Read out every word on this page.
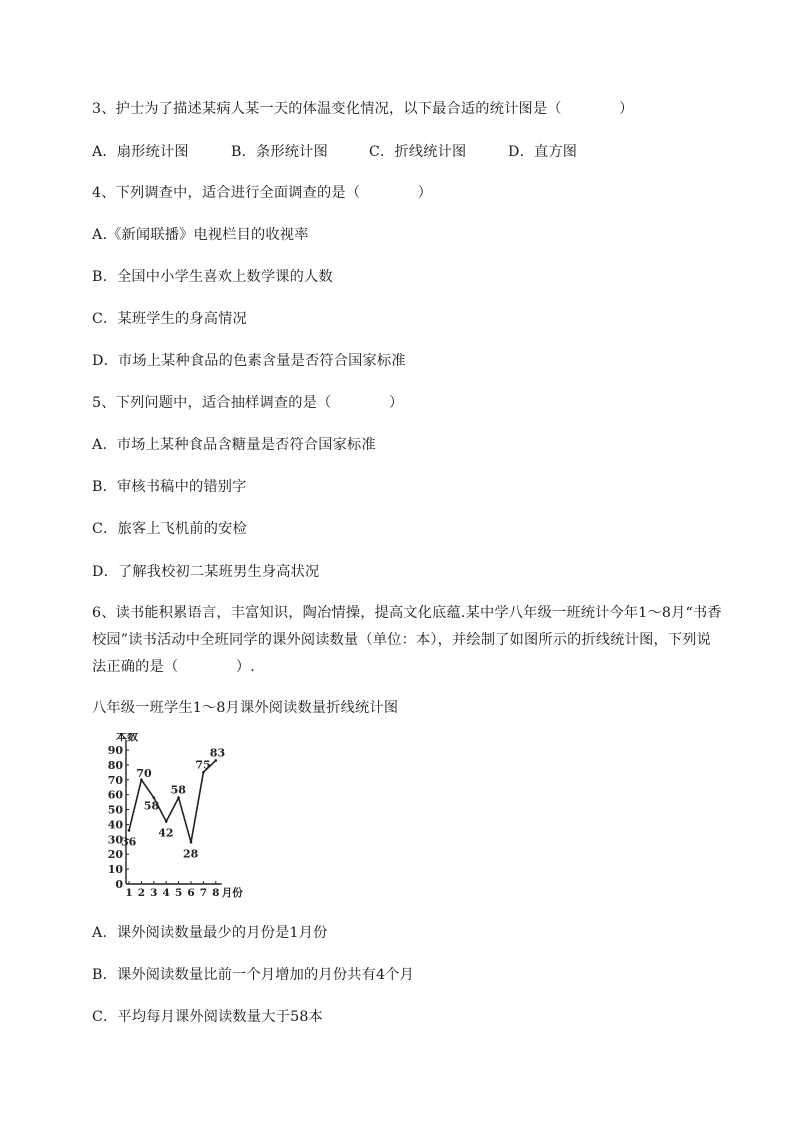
3、护士为了描述某病人某一天的体温变化情况，以下最合适的统计图是（　　　　）
A．扇形统计图	B．条形统计图	C．折线统计图	D．直方图
4、下列调查中，适合进行全面调查的是（　　　　）
A.《新闻联播》电视栏目的收视率
B．全国中小学生喜欢上数学课的人数
C．某班学生的身高情况
D．市场上某种食品的色素含量是否符合国家标准
5、下列问题中，适合抽样调查的是（　　　　）
A．市场上某种食品含糖量是否符合国家标准
B．审核书稿中的错别字
C．旅客上飞机前的安检
D．了解我校初二某班男生身高状况
6、读书能积累语言，丰富知识，陶冶情操，提高文化底蕴.某中学八年级一班统计今年1～8月“书香校园”读书活动中全班同学的课外阅读数量（单位：本），并绘制了如图所示的折线统计图，下列说法正确的是（　　　　）.
八年级一班学生1～8月课外阅读数量折线统计图
0
10
20
30
40
50
60
70
80
90
1 2 3 4 5 6 7 8
本数
月份
36
70
58
42
58
28
75
83
A．课外阅读数量最少的月份是1月份
B．课外阅读数量比前一个月增加的月份共有4个月
C．平均每月课外阅读数量大于58本
